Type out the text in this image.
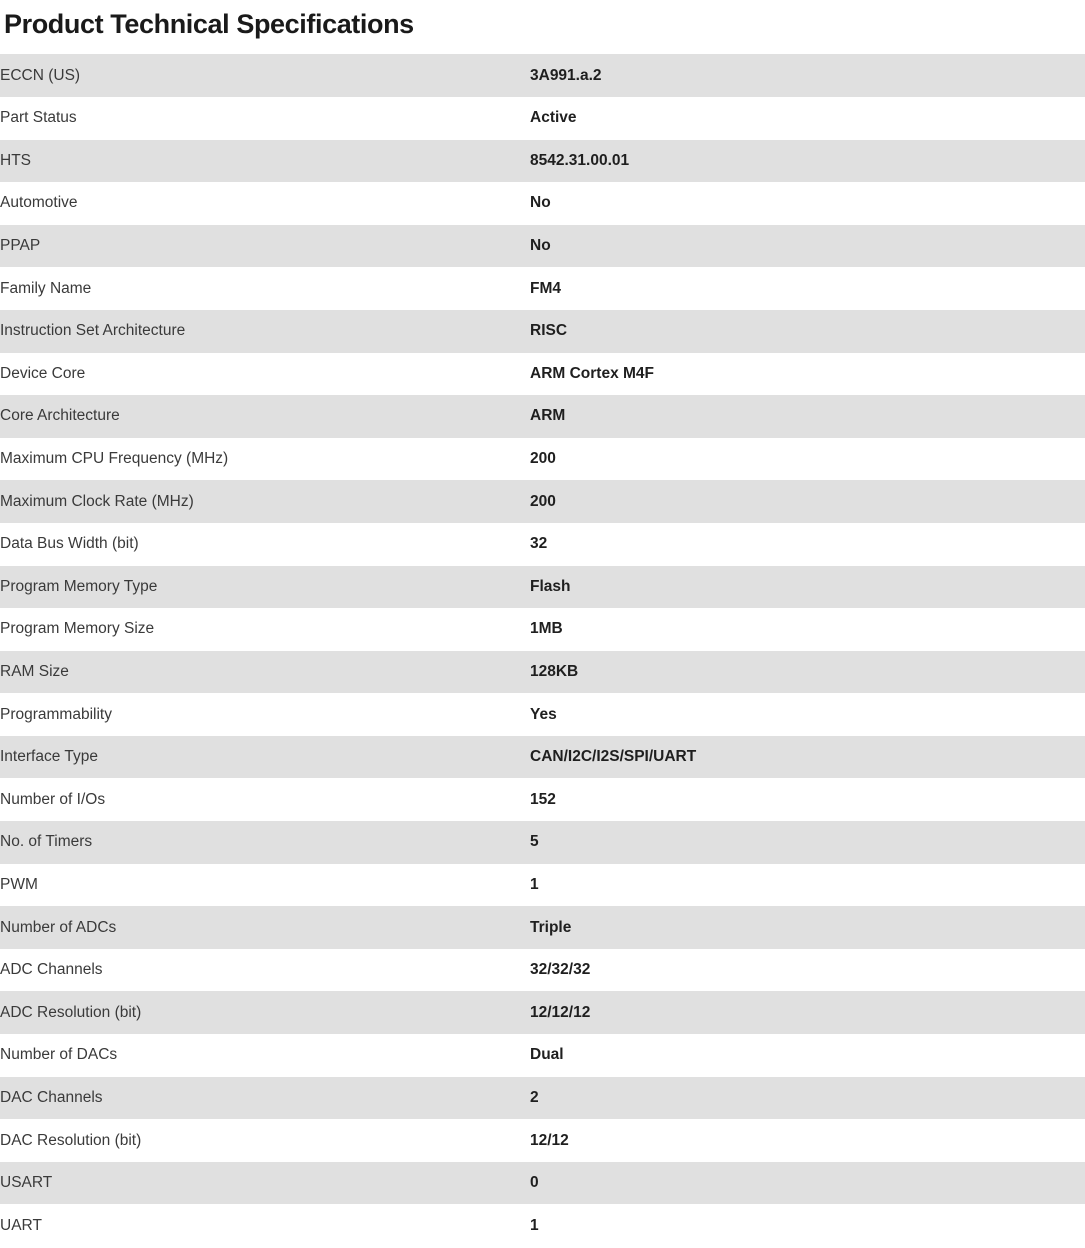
Product Technical Specifications
ECCN (US)	3A991.a.2
Part Status	Active
HTS	8542.31.00.01
Automotive	No
PPAP	No
Family Name	FM4
Instruction Set Architecture	RISC
Device Core	ARM Cortex M4F
Core Architecture	ARM
Maximum CPU Frequency (MHz)	200
Maximum Clock Rate (MHz)	200
Data Bus Width (bit)	32
Program Memory Type	Flash
Program Memory Size	1MB
RAM Size	128KB
Programmability	Yes
Interface Type	CAN/I2C/I2S/SPI/UART
Number of I/Os	152
No. of Timers	5
PWM	1
Number of ADCs	Triple
ADC Channels	32/32/32
ADC Resolution (bit)	12/12/12
Number of DACs	Dual
DAC Channels	2
DAC Resolution (bit)	12/12
USART	0
UART	1
